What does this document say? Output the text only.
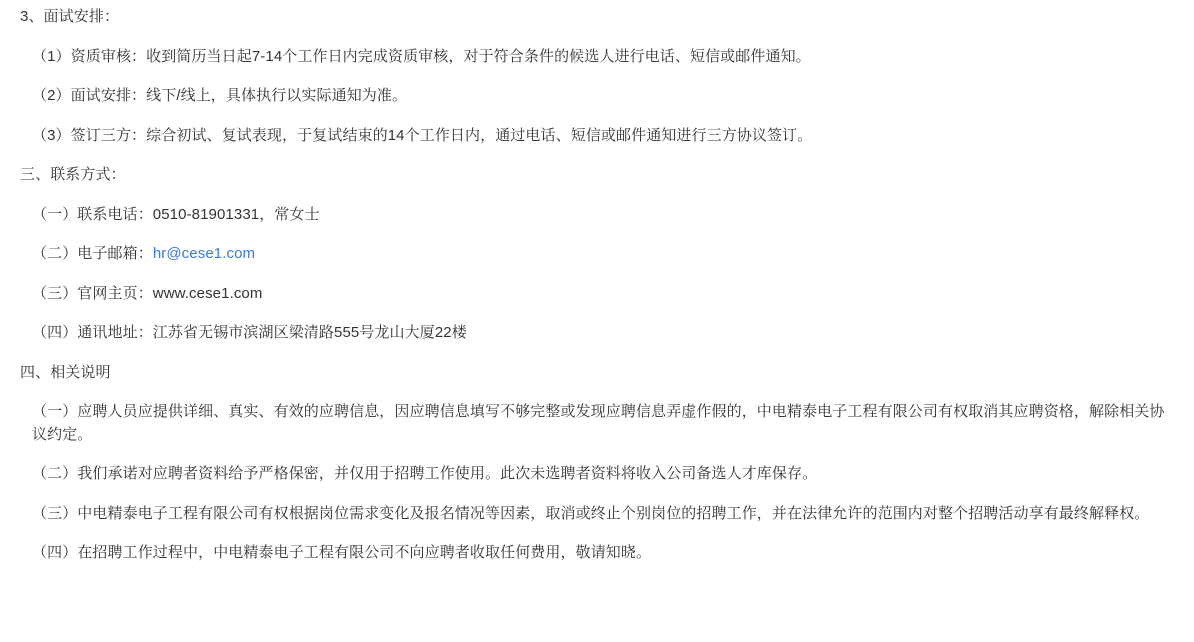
3、面试安排：

（1）资质审核：收到简历当日起7-14个工作日内完成资质审核，对于符合条件的候选人进行电话、短信或邮件通知。

（2）面试安排：线下/线上，具体执行以实际通知为准。

（3）签订三方：综合初试、复试表现，于复试结束的14个工作日内，通过电话、短信或邮件通知进行三方协议签订。

三、联系方式：

（一）联系电话：0510-81901331，常女士

（二）电子邮箱：hr@cese1.com

（三）官网主页：www.cese1.com

（四）通讯地址：江苏省无锡市滨湖区梁清路555号龙山大厦22楼

四、相关说明

（一）应聘人员应提供详细、真实、有效的应聘信息，因应聘信息填写不够完整或发现应聘信息弄虚作假的，中电精泰电子工程有限公司有权取消其应聘资格，解除相关协议约定。

（二）我们承诺对应聘者资料给予严格保密，并仅用于招聘工作使用。此次未选聘者资料将收入公司备选人才库保存。

（三）中电精泰电子工程有限公司有权根据岗位需求变化及报名情况等因素，取消或终止个别岗位的招聘工作，并在法律允许的范围内对整个招聘活动享有最终解释权。

（四）在招聘工作过程中，中电精泰电子工程有限公司不向应聘者收取任何费用，敬请知晓。
